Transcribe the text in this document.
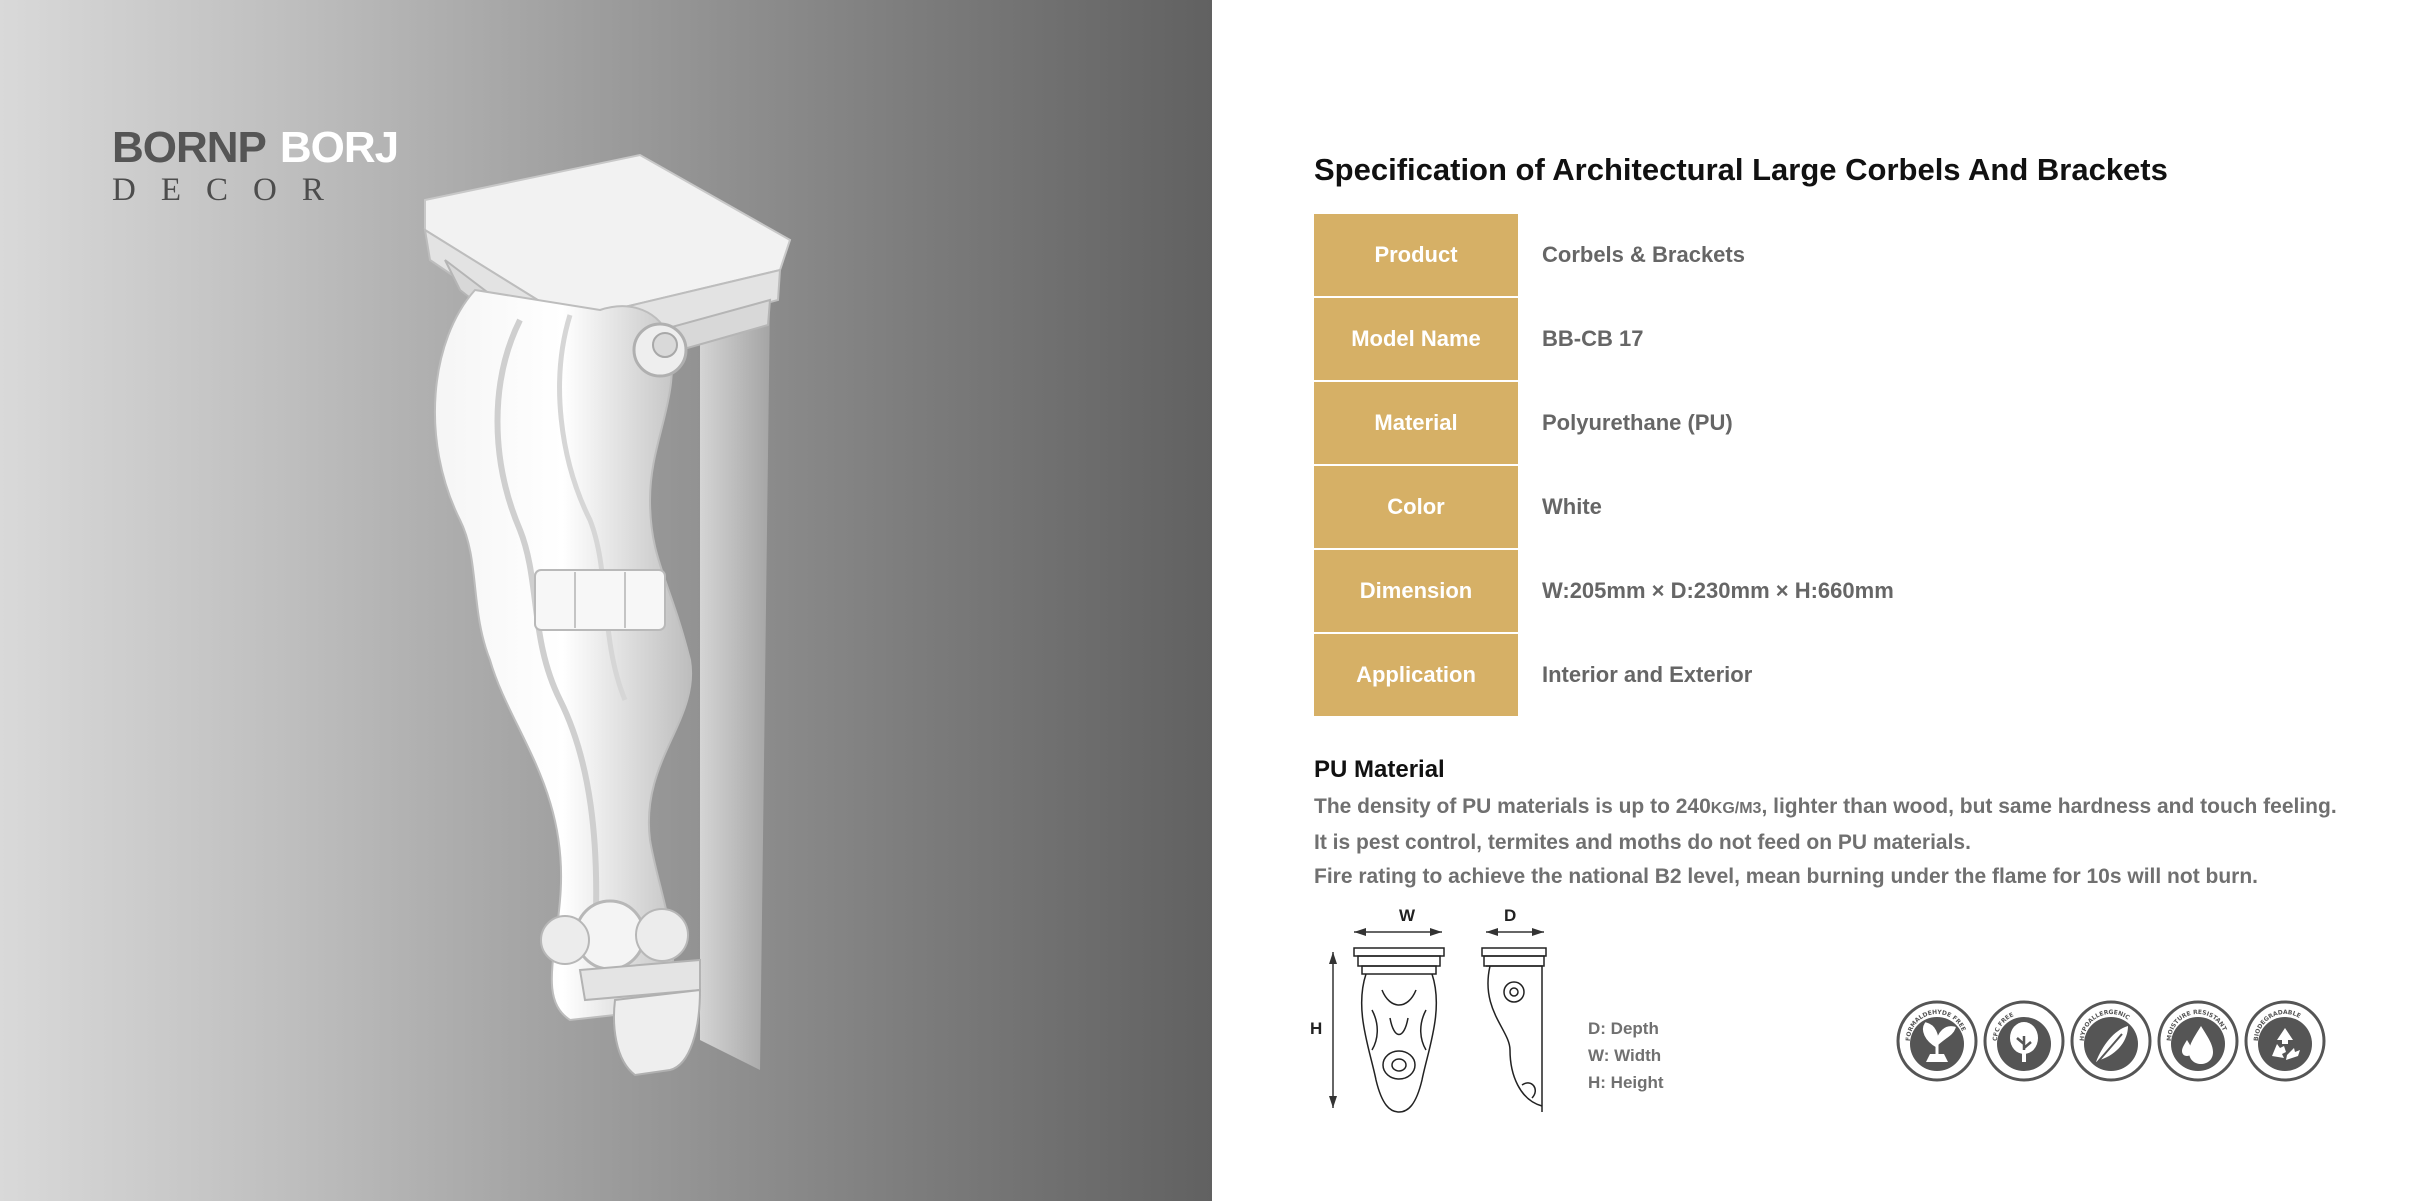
BORNP BORJ
DECOR
Specification of Architectural Large Corbels And Brackets
Product	Corbels & Brackets
Model Name	BB-CB 17
Material	Polyurethane (PU)
Color	White
Dimension	W:205mm × D:230mm × H:660mm
Application	Interior and Exterior
PU Material
The density of PU materials is up to 240KG/M3, lighter than wood, but same hardness and touch feeling.
It is pest control, termites and moths do not feed on PU materials.
Fire rating to achieve the national B2 level, mean burning under the flame for 10s will not burn.
W	D
H	D: Depth
W: Width
H: Height
FORMALDEHYDE FREE
CFC FREE
HYPOALLERGENIC
MOISTURE RESISTANT
BIODEGRADABLE
